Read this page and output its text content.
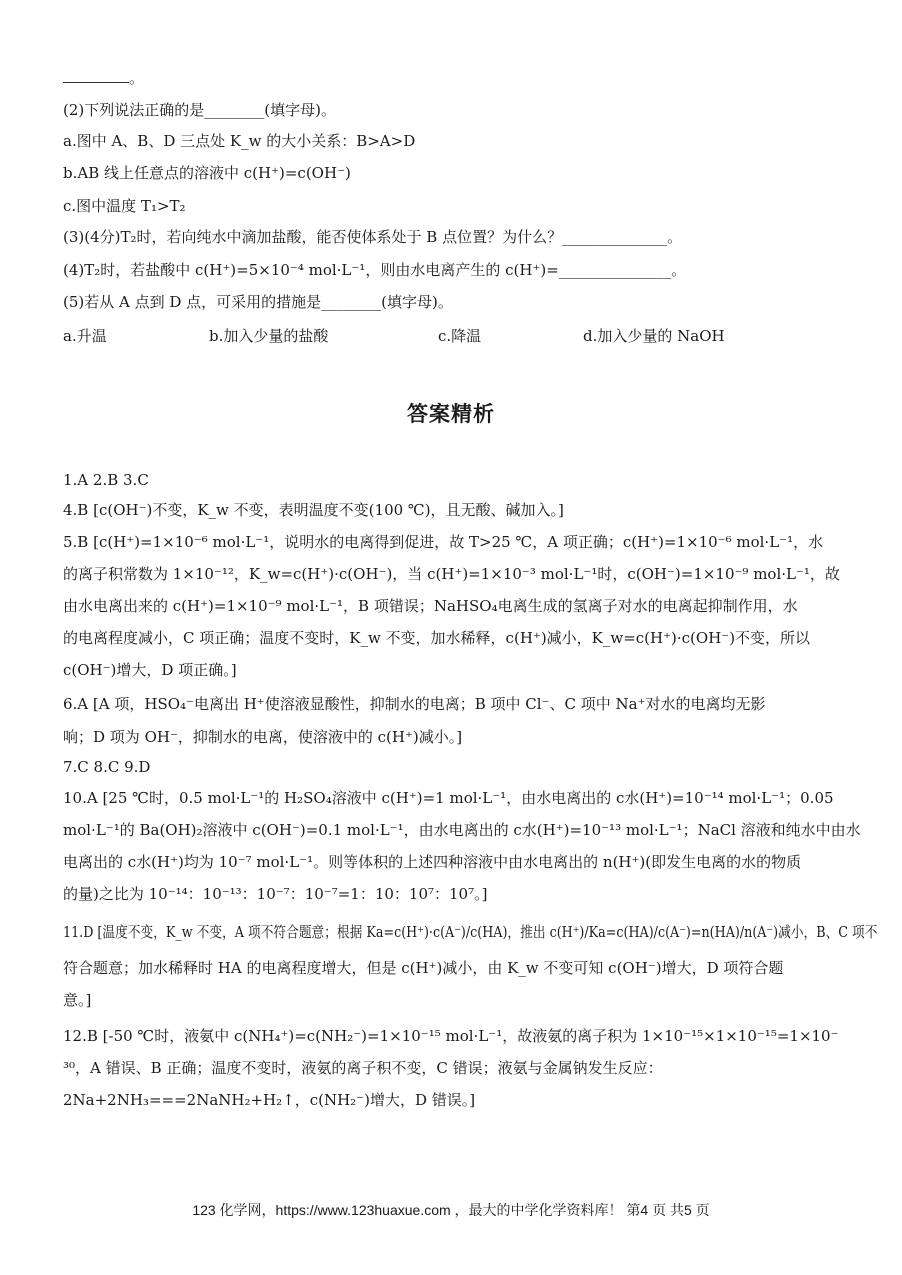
。
(2)下列说法正确的是________(填字母)。
a.图中 A、B、D 三点处 K_w 的大小关系：B>A>D
b.AB 线上任意点的溶液中 c(H⁺)=c(OH⁻)
c.图中温度 T₁>T₂
(3)(4分)T₂时，若向纯水中滴加盐酸，能否使体系处于 B 点位置？为什么？______________。
(4)T₂时，若盐酸中 c(H⁺)=5×10⁻⁴ mol·L⁻¹，则由水电离产生的 c(H⁺)=_______________。
(5)若从 A 点到 D 点，可采用的措施是________(填字母)。
a.升温	b.加入少量的盐酸	c.降温	d.加入少量的 NaOH
答案精析
1.A 2.B 3.C
4.B [c(OH⁻)不变，K_w 不变，表明温度不变(100 ℃)，且无酸、碱加入。]
5.B [c(H⁺)=1×10⁻⁶ mol·L⁻¹，说明水的电离得到促进，故 T>25 ℃，A 项正确；c(H⁺)=1×10⁻⁶ mol·L⁻¹，水
的离子积常数为 1×10⁻¹²，K_w=c(H⁺)·c(OH⁻)，当 c(H⁺)=1×10⁻³ mol·L⁻¹时，c(OH⁻)=1×10⁻⁹ mol·L⁻¹，故
由水电离出来的 c(H⁺)=1×10⁻⁹ mol·L⁻¹，B 项错误；NaHSO₄电离生成的氢离子对水的电离起抑制作用，水
的电离程度减小，C 项正确；温度不变时，K_w 不变，加水稀释，c(H⁺)减小，K_w=c(H⁺)·c(OH⁻)不变，所以
c(OH⁻)增大，D 项正确。]
6.A [A 项，HSO₄⁻电离出 H⁺使溶液显酸性，抑制水的电离；B 项中 Cl⁻、C 项中 Na⁺对水的电离均无影
响；D 项为 OH⁻，抑制水的电离，使溶液中的 c(H⁺)减小。]
7.C 8.C 9.D
10.A [25 ℃时，0.5 mol·L⁻¹的 H₂SO₄溶液中 c(H⁺)=1 mol·L⁻¹，由水电离出的 c水(H⁺)=10⁻¹⁴ mol·L⁻¹；0.05
mol·L⁻¹的 Ba(OH)₂溶液中 c(OH⁻)=0.1 mol·L⁻¹，由水电离出的 c水(H⁺)=10⁻¹³ mol·L⁻¹；NaCl 溶液和纯水中由水
电离出的 c水(H⁺)均为 10⁻⁷ mol·L⁻¹。则等体积的上述四种溶液中由水电离出的 n(H⁺)(即发生电离的水的物质
的量)之比为 10⁻¹⁴：10⁻¹³：10⁻⁷：10⁻⁷=1：10：10⁷：10⁷。]
11.D [温度不变，K_w 不变，A 项不符合题意；根据 Ka=c(H⁺)·c(A⁻)/c(HA)，推出 c(H⁺)/Ka=c(HA)/c(A⁻)=n(HA)/n(A⁻)减小，B、C 项不
符合题意；加水稀释时 HA 的电离程度增大，但是 c(H⁺)减小，由 K_w 不变可知 c(OH⁻)增大，D 项符合题
意。]
12.B [-50 ℃时，液氨中 c(NH₄⁺)=c(NH₂⁻)=1×10⁻¹⁵ mol·L⁻¹，故液氨的离子积为 1×10⁻¹⁵×1×10⁻¹⁵=1×10⁻
³⁰，A 错误、B 正确；温度不变时，液氨的离子积不变，C 错误；液氨与金属钠发生反应：
2Na+2NH₃===2NaNH₂+H₂↑，c(NH₂⁻)增大，D 错误。]
123 化学网，https://www.123huaxue.com ，最大的中学化学资料库！ 第4 页 共5 页
